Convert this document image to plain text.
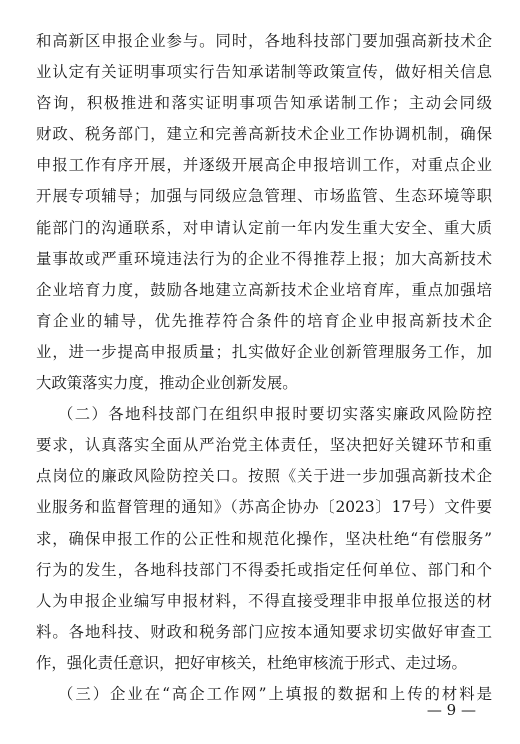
和高新区申报企业参与。同时，各地科技部门要加强高新技术企
业认定有关证明事项实行告知承诺制等政策宣传，做好相关信息
咨询，积极推进和落实证明事项告知承诺制工作；主动会同级
财政、税务部门，建立和完善高新技术企业工作协调机制，确保
申报工作有序开展，并逐级开展高企申报培训工作，对重点企业
开展专项辅导；加强与同级应急管理、市场监管、生态环境等职
能部门的沟通联系，对申请认定前一年内发生重大安全、重大质
量事故或严重环境违法行为的企业不得推荐上报；加大高新技术
企业培育力度，鼓励各地建立高新技术企业培育库，重点加强培
育企业的辅导，优先推荐符合条件的培育企业申报高新技术企
业，进一步提高申报质量；扎实做好企业创新管理服务工作，加
大政策落实力度，推动企业创新发展。
（二）各地科技部门在组织申报时要切实落实廉政风险防控
要求，认真落实全面从严治党主体责任，坚决把好关键环节和重
点岗位的廉政风险防控关口。按照《关于进一步加强高新技术企
业服务和监督管理的通知》（苏高企协办〔2023〕17号）文件要
求，确保申报工作的公正性和规范化操作，坚决杜绝“有偿服务”
行为的发生，各地科技部门不得委托或指定任何单位、部门和个
人为申报企业编写申报材料，不得直接受理非申报单位报送的材
料。各地科技、财政和税务部门应按本通知要求切实做好审查工
作，强化责任意识，把好审核关，杜绝审核流于形式、走过场。
（三）企业在“高企工作网”上填报的数据和上传的材料是
— 9 —
